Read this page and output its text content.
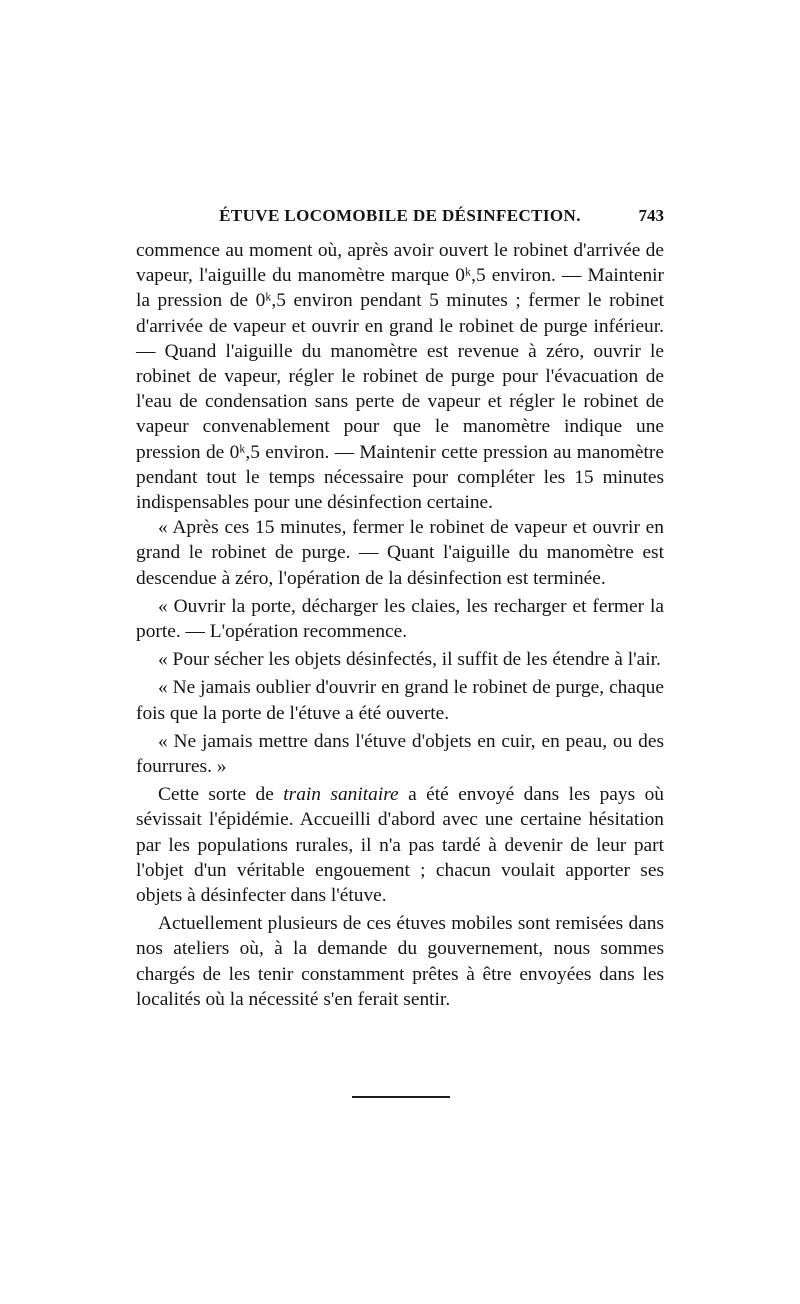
ÉTUVE LOCOMOBILE DE DÉSINFECTION.	743

commence au moment où, après avoir ouvert le robinet d'arrivée de vapeur, l'aiguille du manomètre marque 0ᵏ,5 environ. — Maintenir la pression de 0ᵏ,5 environ pendant 5 minutes ; fermer le robinet d'arrivée de vapeur et ouvrir en grand le robinet de purge inférieur. — Quand l'aiguille du manomètre est revenue à zéro, ouvrir le robinet de vapeur, régler le robinet de purge pour l'évacuation de l'eau de condensation sans perte de vapeur et régler le robinet de vapeur convenablement pour que le manomètre indique une pression de 0ᵏ,5 environ. — Maintenir cette pression au manomètre pendant tout le temps nécessaire pour compléter les 15 minutes indispensables pour une désinfection certaine.

« Après ces 15 minutes, fermer le robinet de vapeur et ouvrir en grand le robinet de purge. — Quant l'aiguille du manomètre est descendue à zéro, l'opération de la désinfection est terminée.

« Ouvrir la porte, décharger les claies, les recharger et fermer la porte. — L'opération recommence.

« Pour sécher les objets désinfectés, il suffit de les étendre à l'air.

« Ne jamais oublier d'ouvrir en grand le robinet de purge, chaque fois que la porte de l'étuve a été ouverte.

« Ne jamais mettre dans l'étuve d'objets en cuir, en peau, ou des fourrures. »

Cette sorte de train sanitaire a été envoyé dans les pays où sévissait l'épidémie. Accueilli d'abord avec une certaine hésitation par les populations rurales, il n'a pas tardé à devenir de leur part l'objet d'un véritable engouement ; chacun voulait apporter ses objets à désinfecter dans l'étuve.

Actuellement plusieurs de ces étuves mobiles sont remisées dans nos ateliers où, à la demande du gouvernement, nous sommes chargés de les tenir constamment prêtes à être envoyées dans les localités où la nécessité s'en ferait sentir.
